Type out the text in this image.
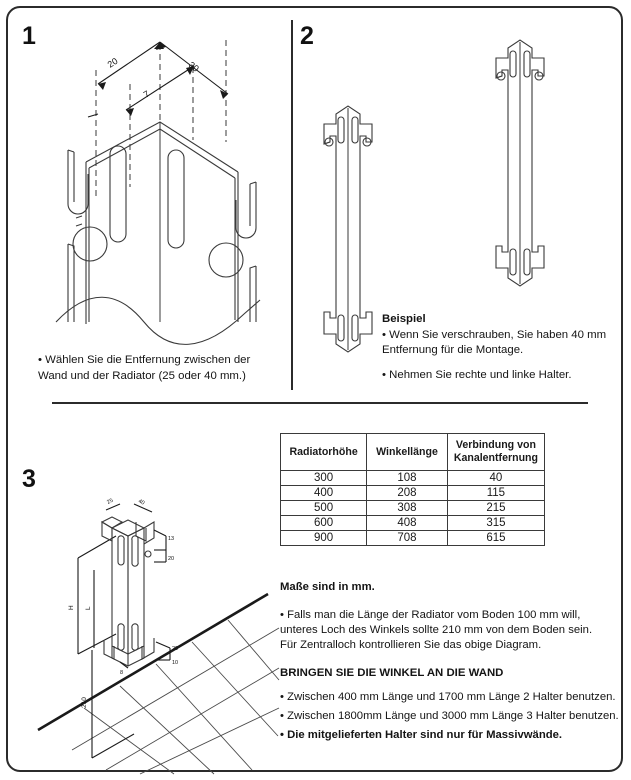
1
20	30
7
• Wählen Sie die Entfernung zwischen der
Wand und der Radiator (25 oder 40 mm.)
2
Beispiel
• Wenn Sie verschrauben, Sie haben 40 mm
Entfernung für die Montage.
• Nehmen Sie rechte und linke Halter.
3
210
H L
25	40
13
20
20
10
8
Radiatorhöhe	Winkellänge	Verbindung von
Kanalentfernung
300	108	40
400	208	115
500	308	215
600	408	315
900	708	615
Maße sind in mm.
• Falls man die Länge der Radiator vom Boden 100 mm will,
unteres Loch des Winkels sollte 210 mm von dem Boden sein.
Für Zentralloch kontrollieren Sie das obige Diagram.
BRINGEN SIE DIE WINKEL AN DIE WAND
• Zwischen 400 mm Länge und 1700 mm Länge 2 Halter benutzen.
• Zwischen 1800mm Länge und 3000 mm Länge 3 Halter benutzen.
• Die mitgelieferten Halter sind nur für Massivwände.
